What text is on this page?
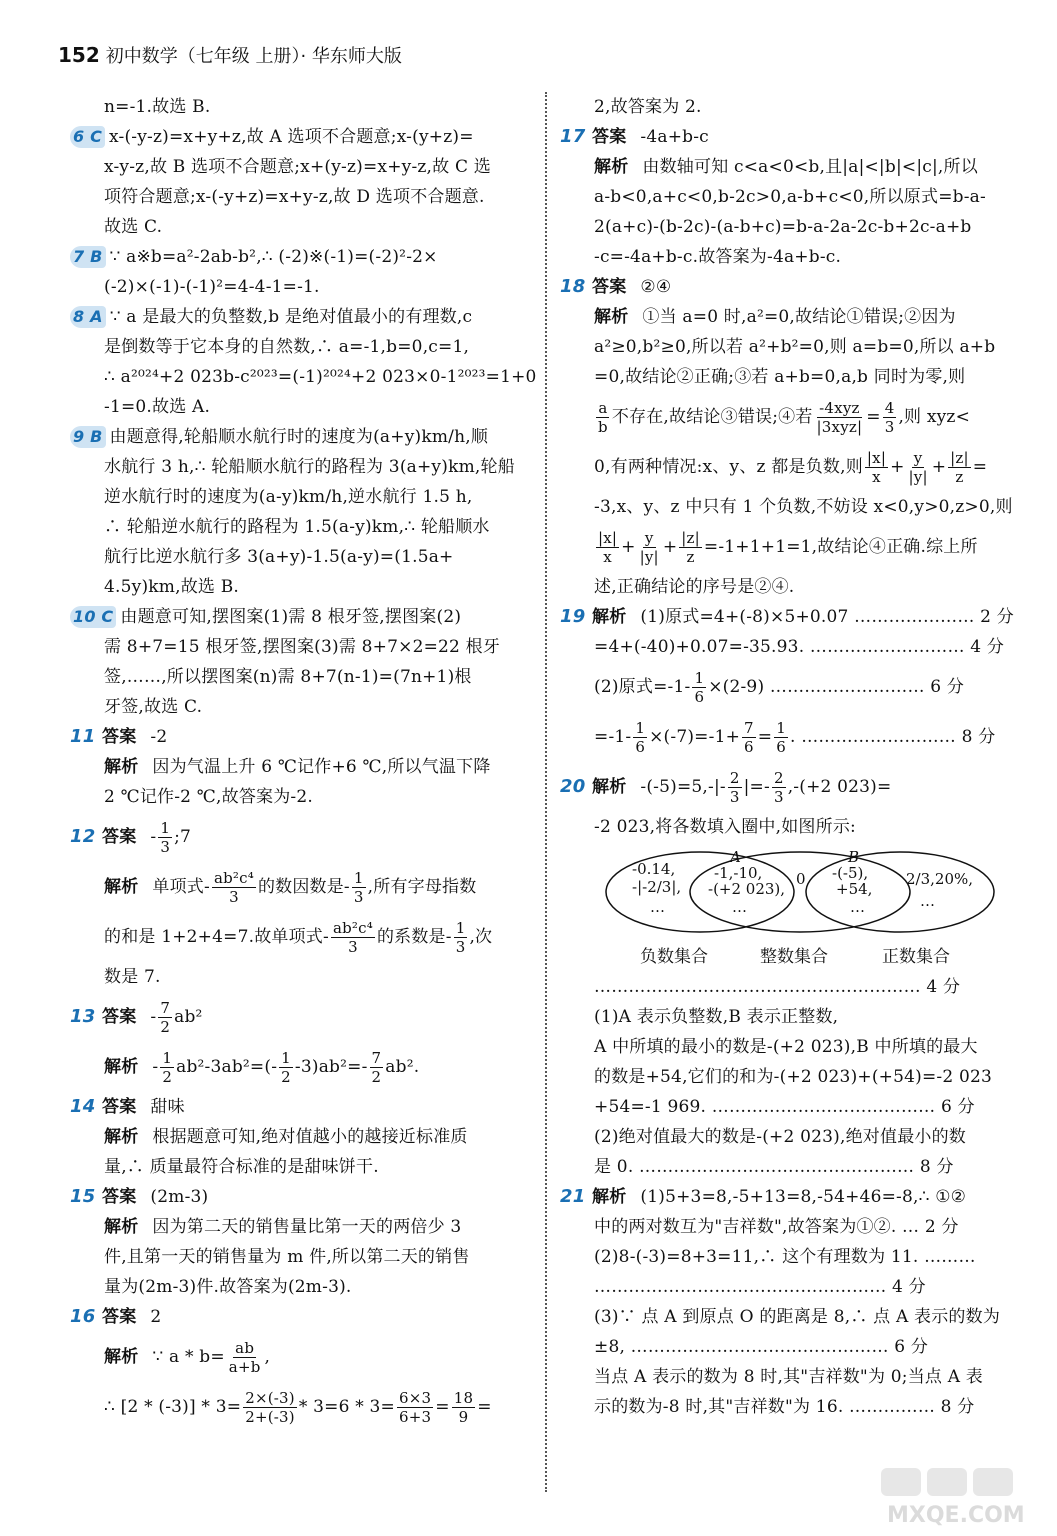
152 初中数学（七年级 上册）· 华东师大版
n=-1.故选 B.
6 C x-(-y-z)=x+y+z,故 A 选项不合题意;x-(y+z)=
x-y-z,故 B 选项不合题意;x+(y-z)=x+y-z,故 C 选
项符合题意;x-(-y+z)=x+y-z,故 D 选项不合题意.
故选 C.
7 B ∵ a※b=a²-2ab-b²,∴ (-2)※(-1)=(-2)²-2×
(-2)×(-1)-(-1)²=4-4-1=-1.
8 A ∵ a 是最大的负整数,b 是绝对值最小的有理数,c
是倒数等于它本身的自然数,∴ a=-1,b=0,c=1,
∴ a²⁰²⁴+2 023b-c²⁰²³=(-1)²⁰²⁴+2 023×0-1²⁰²³=1+0
-1=0.故选 A.
9 B 由题意得,轮船顺水航行时的速度为(a+y)km/h,顺
水航行 3 h,∴ 轮船顺水航行的路程为 3(a+y)km,轮船
逆水航行时的速度为(a-y)km/h,逆水航行 1.5 h,
∴ 轮船逆水航行的路程为 1.5(a-y)km,∴ 轮船顺水
航行比逆水航行多 3(a+y)-1.5(a-y)=(1.5a+
4.5y)km,故选 B.
10 C 由题意可知,摆图案(1)需 8 根牙签,摆图案(2)
需 8+7=15 根牙签,摆图案(3)需 8+7×2=22 根牙
签,……,所以摆图案(n)需 8+7(n-1)=(7n+1)根
牙签,故选 C.
11 答案 -2
解析 因为气温上升 6 ℃记作+6 ℃,所以气温下降
2 ℃记作-2 ℃,故答案为-2.
12 答案 - $\frac{1}{3}$ ;7
解析 单项式- $\frac{\text{ab²c⁴}}{3}$ 的数因数是- $\frac{1}{3}$ ,所有字母指数
的和是 1+2+4=7.故单项式- $\frac{\text{ab²c⁴}}{3}$ 的系数是- $\frac{1}{3}$ ,次
数是 7.
13 答案 - $\frac{7}{2} ab^2$
解析 - $\frac{1}{2} ab^2-3ab^2=(- \frac{1}{2} -3)ab^2=- \frac{7}{2} ab^2$.
14 答案 甜味
解析 根据题意可知,绝对值越小的越接近标准质
量,∴ 质量最符合标准的是甜味饼干.
15 答案 (2m-3)
解析 因为第二天的销售量比第一天的两倍少 3
件,且第一天的销售量为 m 件,所以第二天的销售
量为(2m-3)件.故答案为(2m-3).
16 答案 2
解析 ∵ $a * b= \frac{ab}{a+b}$ ,
∴ $[2 * (-3)] * 3= \frac{2\times(-3)}{2+(-3)} * 3=6 * 3= \frac{6\times 3}{6+3} = \frac{18}{9}$ =
2,故答案为 2.
17 答案 -4a+b-c
解析 由数轴可知 c<a<0<b,且|a|<|b|<|c|,所以
a-b<0,a+c<0,b-2c>0,a-b+c<0,所以原式=b-a-
2(a+c)-(b-2c)-(a-b+c)=b-a-2a-2c-b+2c-a+b
-c=-4a+b-c.故答案为-4a+b-c.
18 答案 ②④
解析 ①当 a=0 时,a²=0,故结论①错误;②因为
a²≥0,b²≥0,所以若 a²+b²=0,则 a=b=0,所以 a+b
=0,故结论②正确;③若 a+b=0,a,b 同时为零,则
$\frac{a}{b}$ 不存在,故结论③错误;④若 $\frac{\text{-4xyz}}{\text{|3xyz|}} = \frac{4}{3}$ ,则 xyz<
0,有两种情况:x、y、z 都是负数,则 $\frac{|x|}{x} + \frac{y}{|y|} + \frac{|z|}{z}$ =
-3,x、y、z 中只有 1 个负数,不妨设 x<0,y>0,z>0,则
$\frac{|x|}{x} + \frac{y}{|y|} + \frac{|z|}{z} =-1+1+1=1$,故结论④正确.综上所
述,正确结论的序号是②④.
19 解析 (1)原式=4+(-8)×5+0.07 ………………… 2 分
=4+(-40)+0.07=-35.93. ……………………… 4 分
(2)原式$=-1- \frac{1}{6} \times(2-9)$ ……………………… 6 分
$=-1- \frac{1}{6} \times(-7)=-1+ \frac{7}{6} = \frac{1}{6}$ . ……………………… 8 分
20 解析 $-(-5)=5,-|- \frac{2}{3}$ |=- $\frac{2}{3} ,-(+2$ 023)=
-2 023,将各数填入圈中,如图所示:
-0.14,
-|-2/3|,
…
A
-1,-10,
-(+2 023),
…
0
B
-(-5),
+54,
…
2/3,20%,
…
负数集合	整数集合	正数集合
………………………………………………… 4 分
(1)A 表示负整数,B 表示正整数,
A 中所填的最小的数是-(+2 023),B 中所填的最大
的数是+54,它们的和为-(+2 023)+(+54)=-2 023
+54=-1 969. ………………………………… 6 分
(2)绝对值最大的数是-(+2 023),绝对值最小的数
是 0. ………………………………………… 8 分
21 解析 (1)5+3=8,-5+13=8,-54+46=-8,∴ ①②
中的两对数互为"吉祥数",故答案为①②. … 2 分
(2)8-(-3)=8+3=11,∴ 这个有理数为 11. ………
…………………………………………… 4 分
(3)∵ 点 A 到原点 O 的距离是 8,∴ 点 A 表示的数为
±8, ……………………………………… 6 分
当点 A 表示的数为 8 时,其"吉祥数"为 0;当点 A 表
示的数为-8 时,其"吉祥数"为 16. …………… 8 分
MXQE.COM
